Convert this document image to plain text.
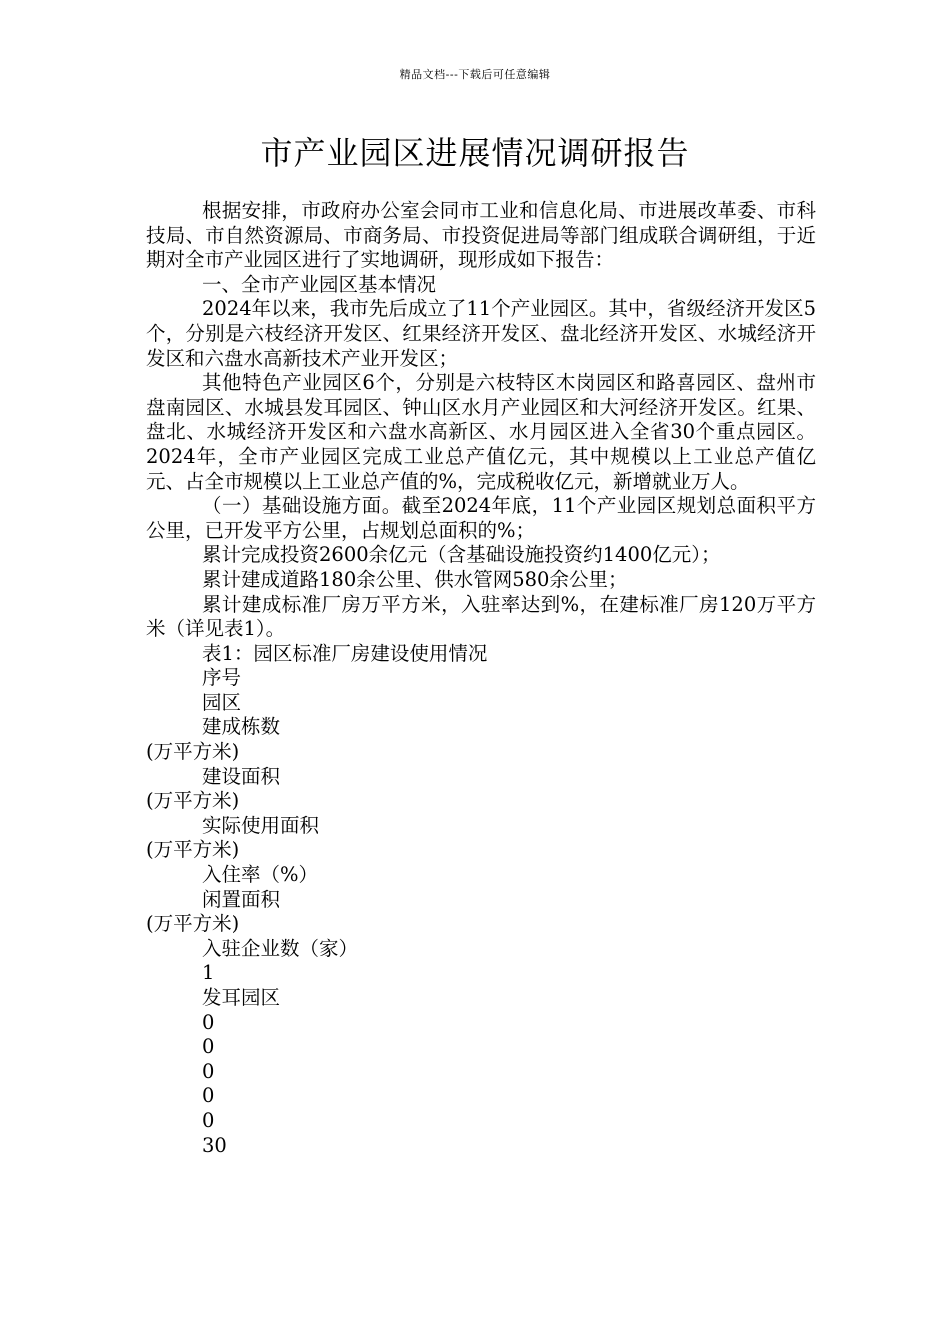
精品文档---下载后可任意编辑
市产业园区进展情况调研报告

根据安排，市政府办公室会同市工业和信息化局、市进展改革委、市科技局、市自然资源局、市商务局、市投资促进局等部门组成联合调研组，于近期对全市产业园区进行了实地调研，现形成如下报告：

一、全市产业园区基本情况

2024年以来，我市先后成立了11个产业园区。其中，省级经济开发区5个，分别是六枝经济开发区、红果经济开发区、盘北经济开发区、水城经济开发区和六盘水高新技术产业开发区；

其他特色产业园区6个，分别是六枝特区木岗园区和路喜园区、盘州市盘南园区、水城县发耳园区、钟山区水月产业园区和大河经济开发区。红果、盘北、水城经济开发区和六盘水高新区、水月园区进入全省30个重点园区。2024年，全市产业园区完成工业总产值亿元，其中规模以上工业总产值亿元、占全市规模以上工业总产值的%，完成税收亿元，新增就业万人。

（一）基础设施方面。截至2024年底，11个产业园区规划总面积平方公里，已开发平方公里，占规划总面积的%；

累计完成投资2600余亿元（含基础设施投资约1400亿元）；

累计建成道路180余公里、供水管网580余公里；

累计建成标准厂房万平方米，入驻率达到%，在建标准厂房120万平方米（详见表1）。

表1：园区标准厂房建设使用情况
序号
园区
建成栋数
(万平方米)
建设面积
(万平方米)
实际使用面积
(万平方米)
入住率（%）
闲置面积
(万平方米)
入驻企业数（家）
1
发耳园区
0
0
0
0
0
30
